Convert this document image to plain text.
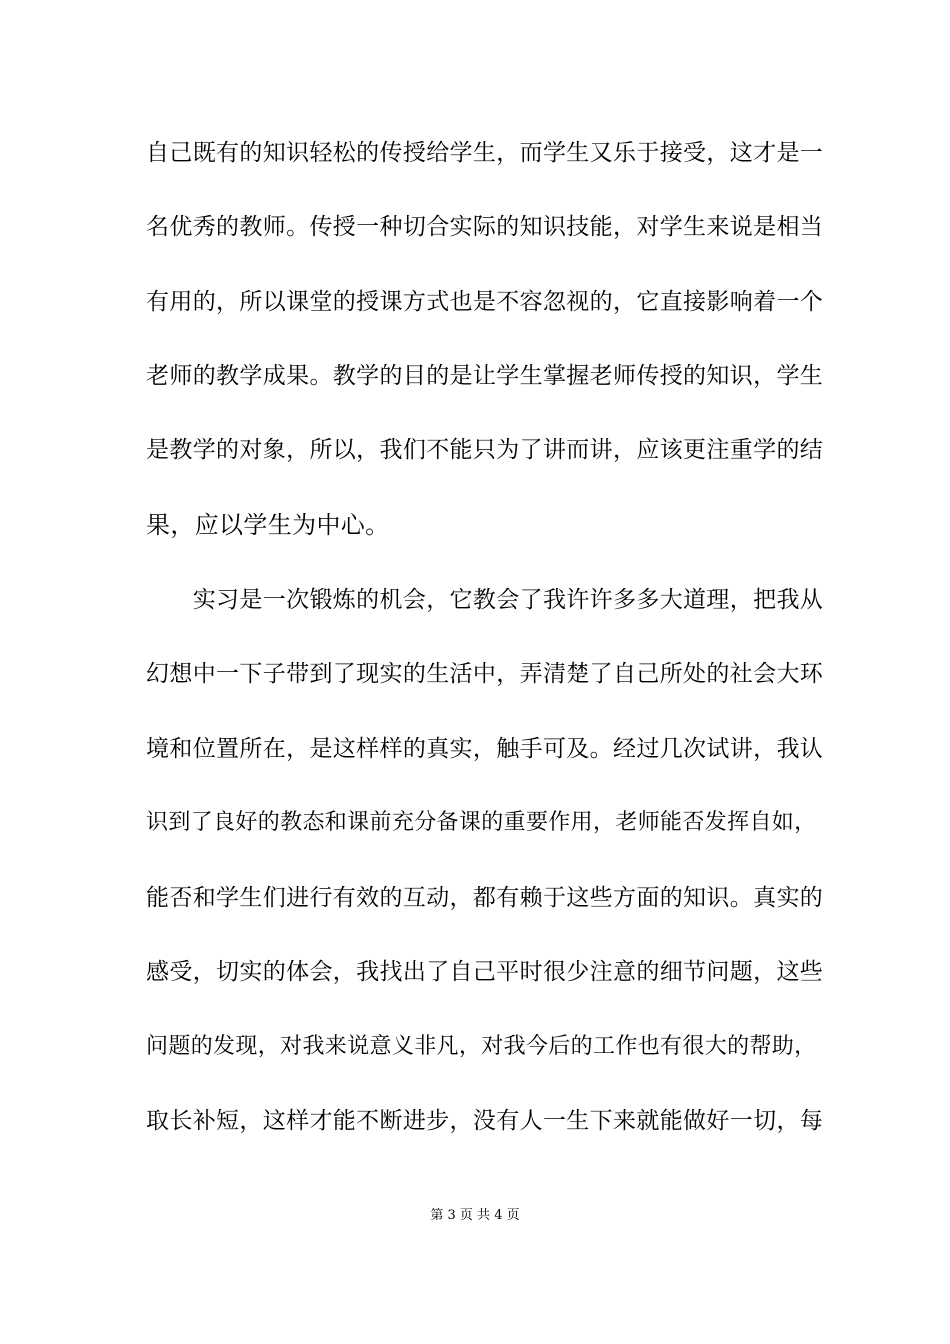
自己既有的知识轻松的传授给学生，而学生又乐于接受，这才是一
名优秀的教师。传授一种切合实际的知识技能，对学生来说是相当
有用的，所以课堂的授课方式也是不容忽视的，它直接影响着一个
老师的教学成果。教学的目的是让学生掌握老师传授的知识，学生
是教学的对象，所以，我们不能只为了讲而讲，应该更注重学的结
果，应以学生为中心。
　　实习是一次锻炼的机会，它教会了我许许多多大道理，把我从
幻想中一下子带到了现实的生活中，弄清楚了自己所处的社会大环
境和位置所在，是这样样的真实，触手可及。经过几次试讲，我认
识到了良好的教态和课前充分备课的重要作用，老师能否发挥自如，
能否和学生们进行有效的互动，都有赖于这些方面的知识。真实的
感受，切实的体会，我找出了自己平时很少注意的细节问题，这些
问题的发现，对我来说意义非凡，对我今后的工作也有很大的帮助，
取长补短，这样才能不断进步，没有人一生下来就能做好一切，每
第 3 页 共 4 页
